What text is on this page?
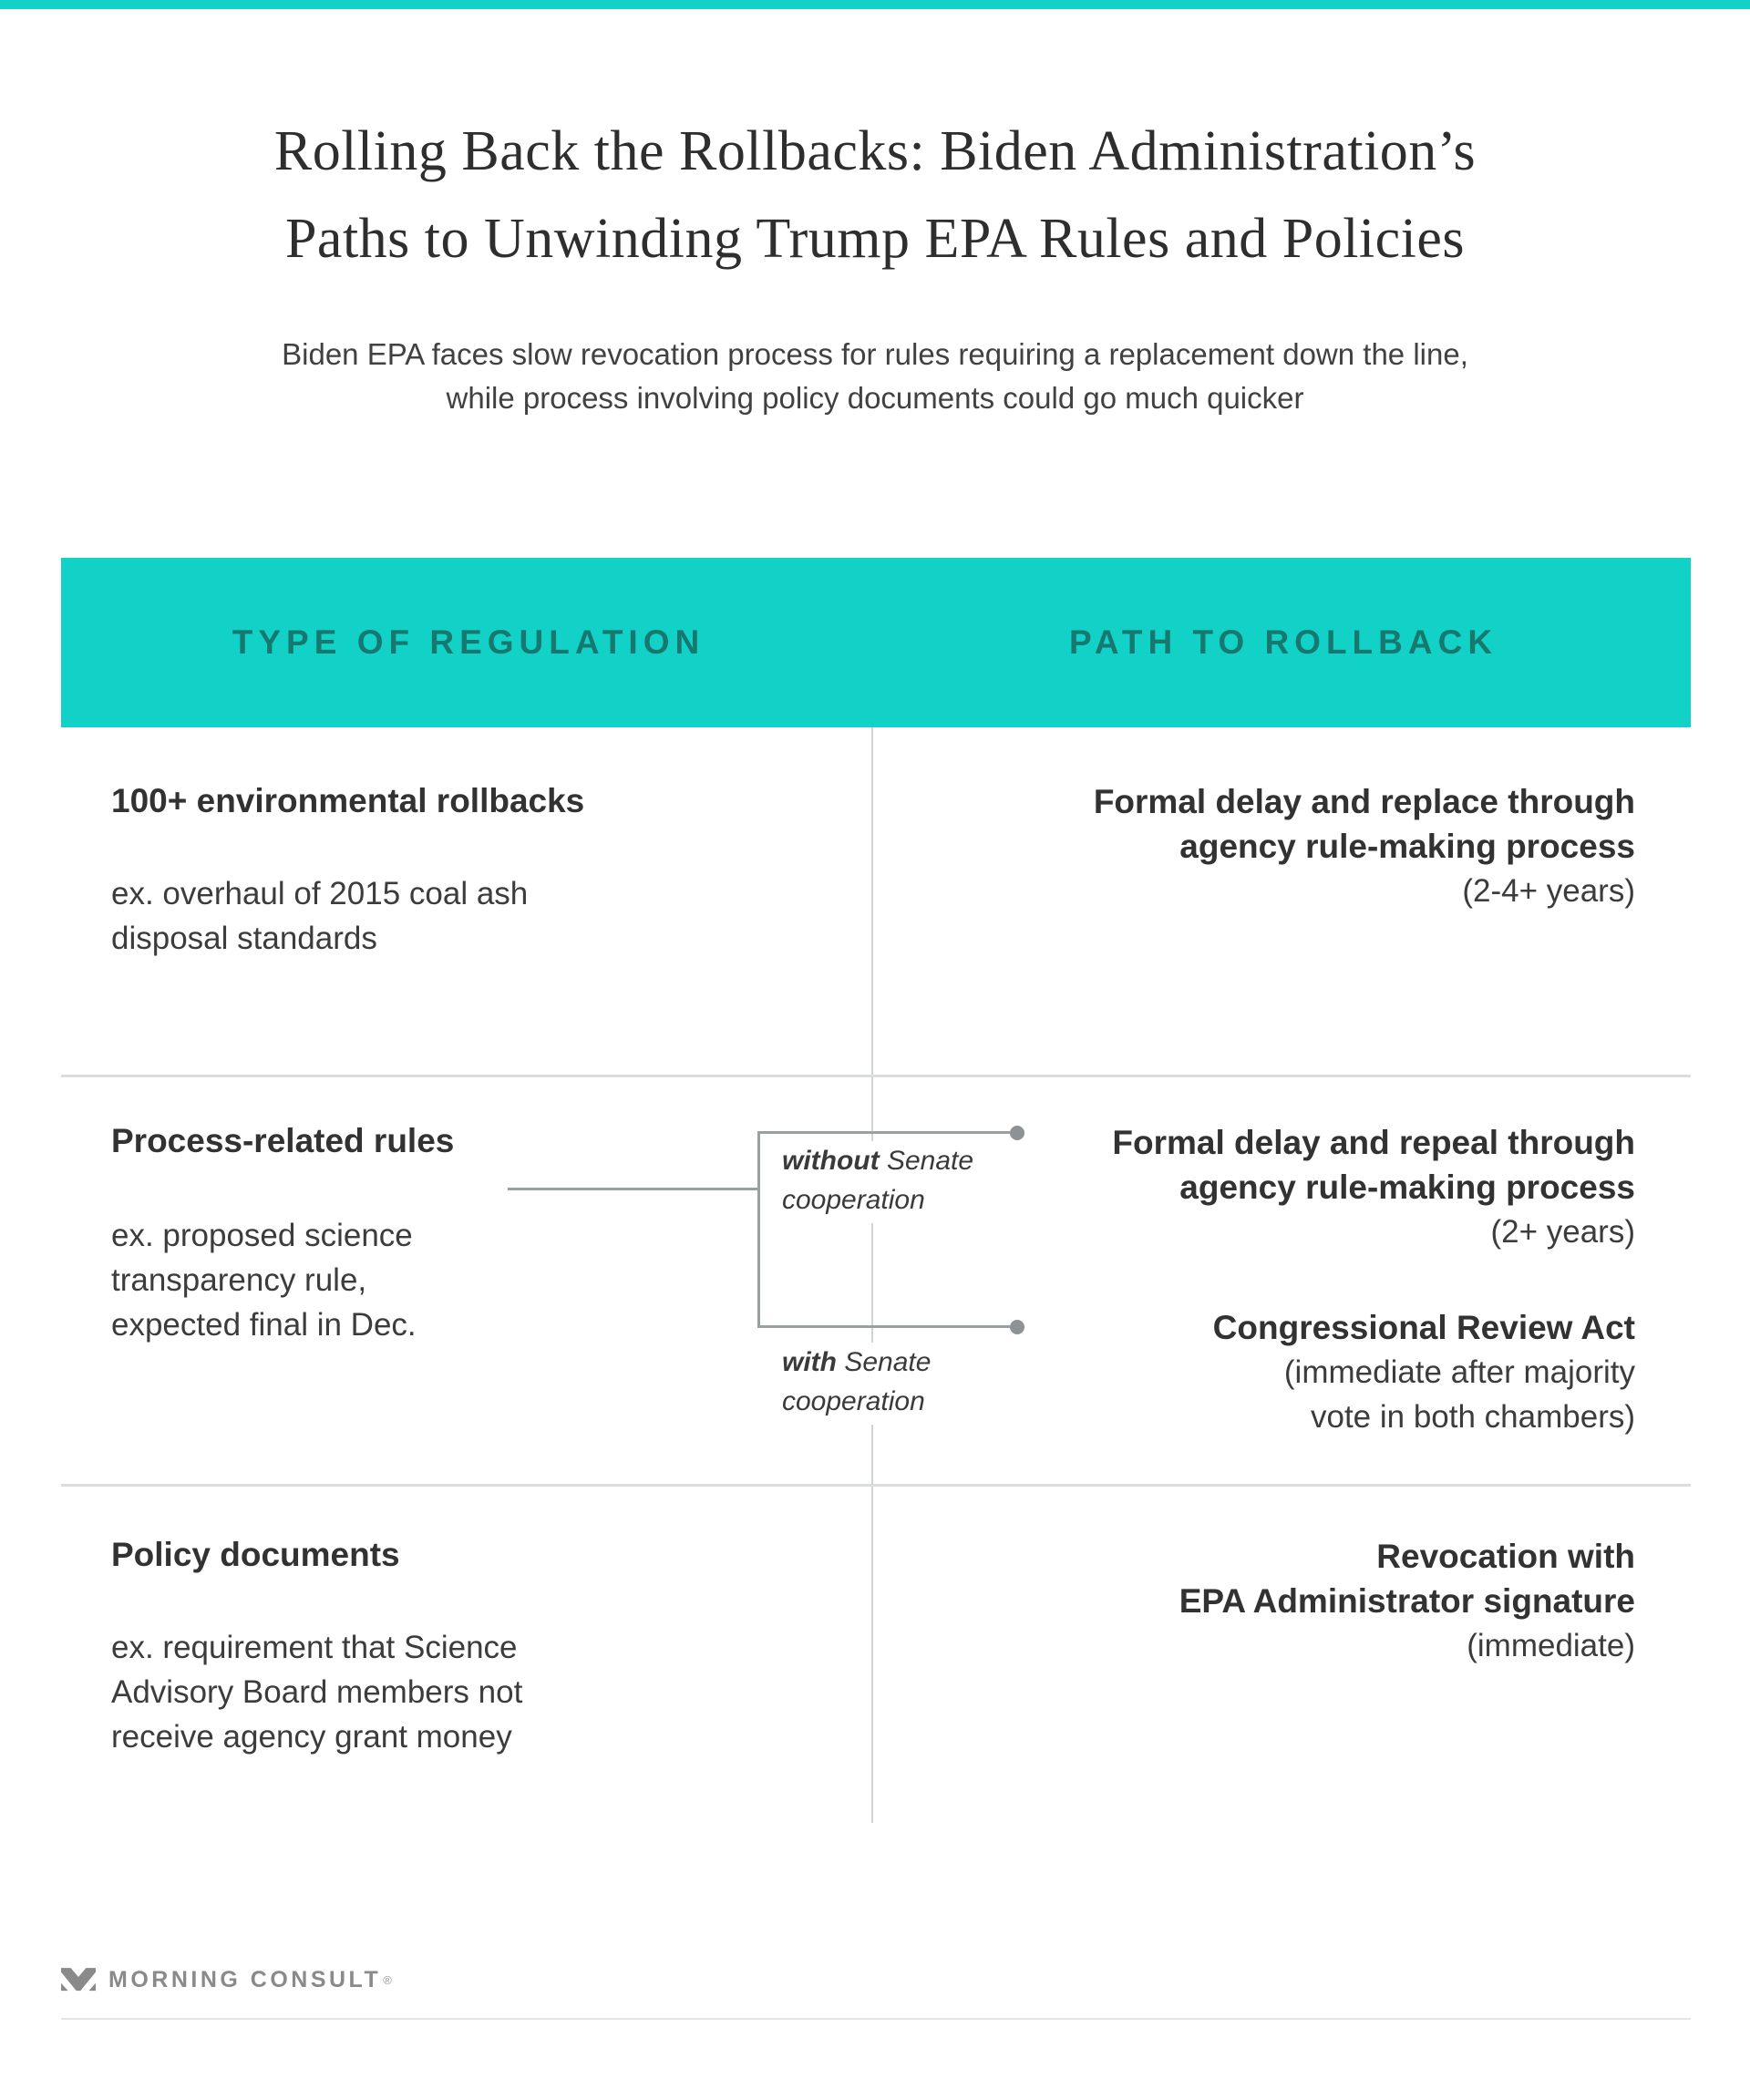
Rolling Back the Rollbacks: Biden Administration’s
Paths to Unwinding Trump EPA Rules and Policies
Biden EPA faces slow revocation process for rules requiring a replacement down the line,
while process involving policy documents could go much quicker
TYPE OF REGULATION	PATH TO ROLLBACK
100+ environmental rollbacks
ex. overhaul of 2015 coal ash
disposal standards
Formal delay and replace through
agency rule-making process
(2-4+ years)
Process-related rules
ex. proposed science
transparency rule,
expected final in Dec.
without Senate
cooperation
with Senate
cooperation
Formal delay and repeal through
agency rule-making process
(2+ years)
Congressional Review Act
(immediate after majority
vote in both chambers)
Policy documents
ex. requirement that Science
Advisory Board members not
receive agency grant money
Revocation with
EPA Administrator signature
(immediate)
MORNING CONSULT ®
